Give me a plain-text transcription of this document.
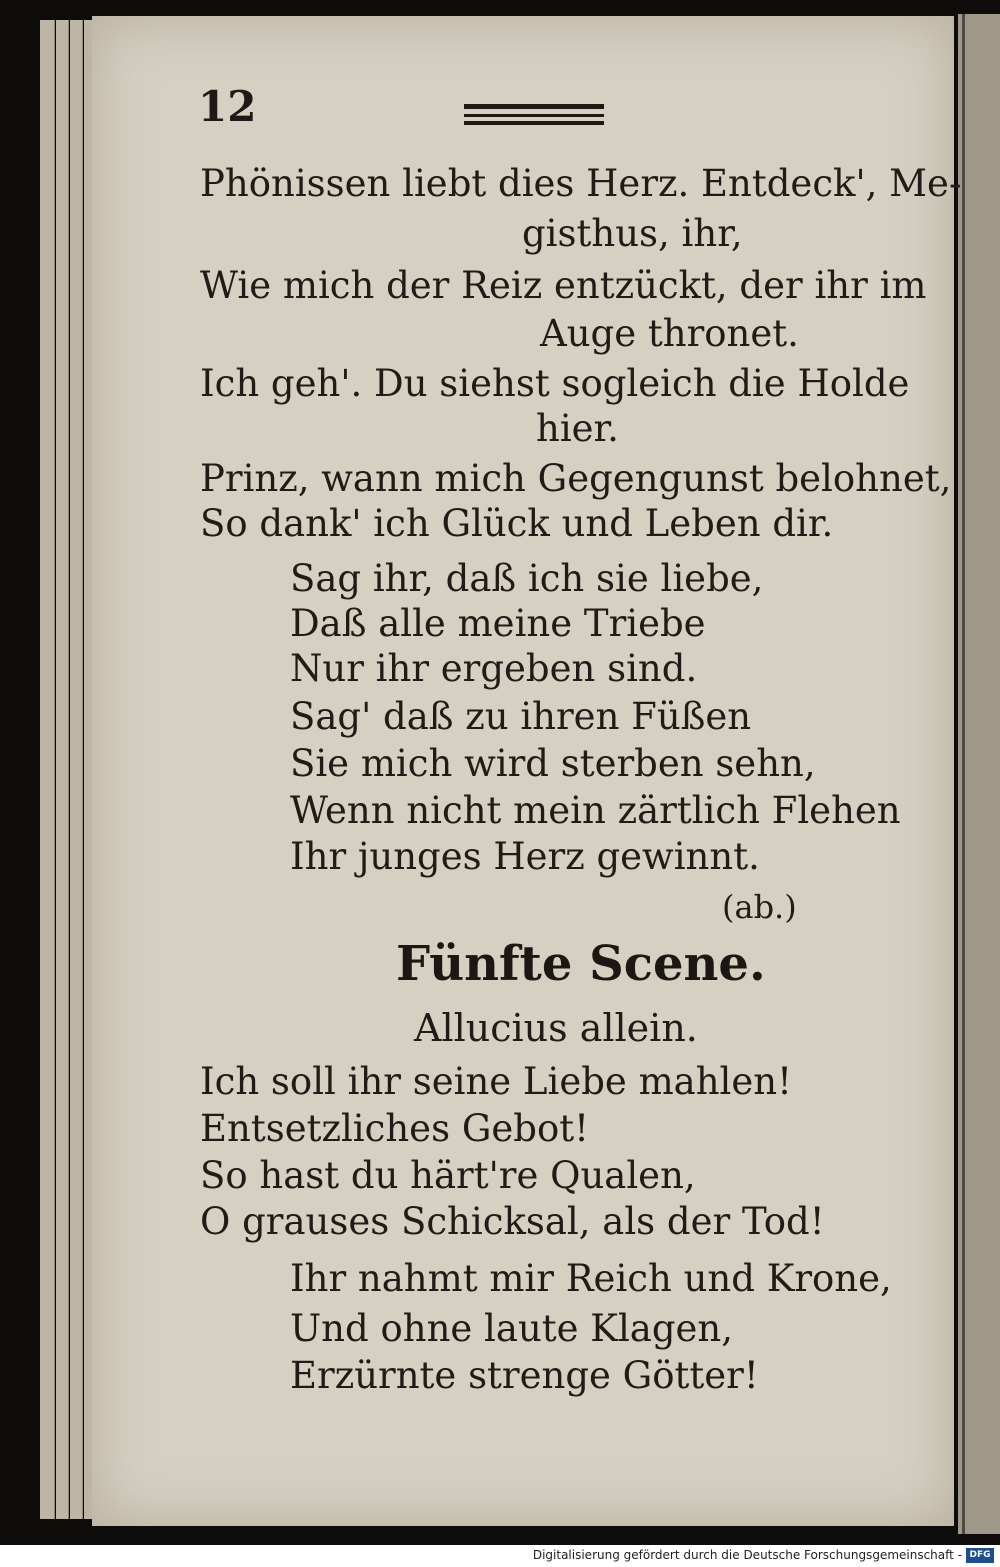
12
Phönissen liebt dies Herz. Entdeck', Me-
gisthus, ihr,
Wie mich der Reiz entzückt, der ihr im
Auge thronet.
Ich geh'. Du siehst sogleich die Holde
hier.
Prinz, wann mich Gegengunst belohnet,
So dank' ich Glück und Leben dir.
Sag ihr, daß ich sie liebe,
Daß alle meine Triebe
Nur ihr ergeben sind.
Sag' daß zu ihren Füßen
Sie mich wird sterben sehn,
Wenn nicht mein zärtlich Flehen
Ihr junges Herz gewinnt.
(ab.)
Fünfte Scene.
Allucius allein.
Ich soll ihr seine Liebe mahlen!
Entsetzliches Gebot!
So hast du härt're Qualen,
O grauses Schicksal, als der Tod!
Ihr nahmt mir Reich und Krone,
Und ohne laute Klagen,
Erzürnte strenge Götter!
Digitalisierung gefördert durch die Deutsche Forschungsgemeinschaft - DFG
